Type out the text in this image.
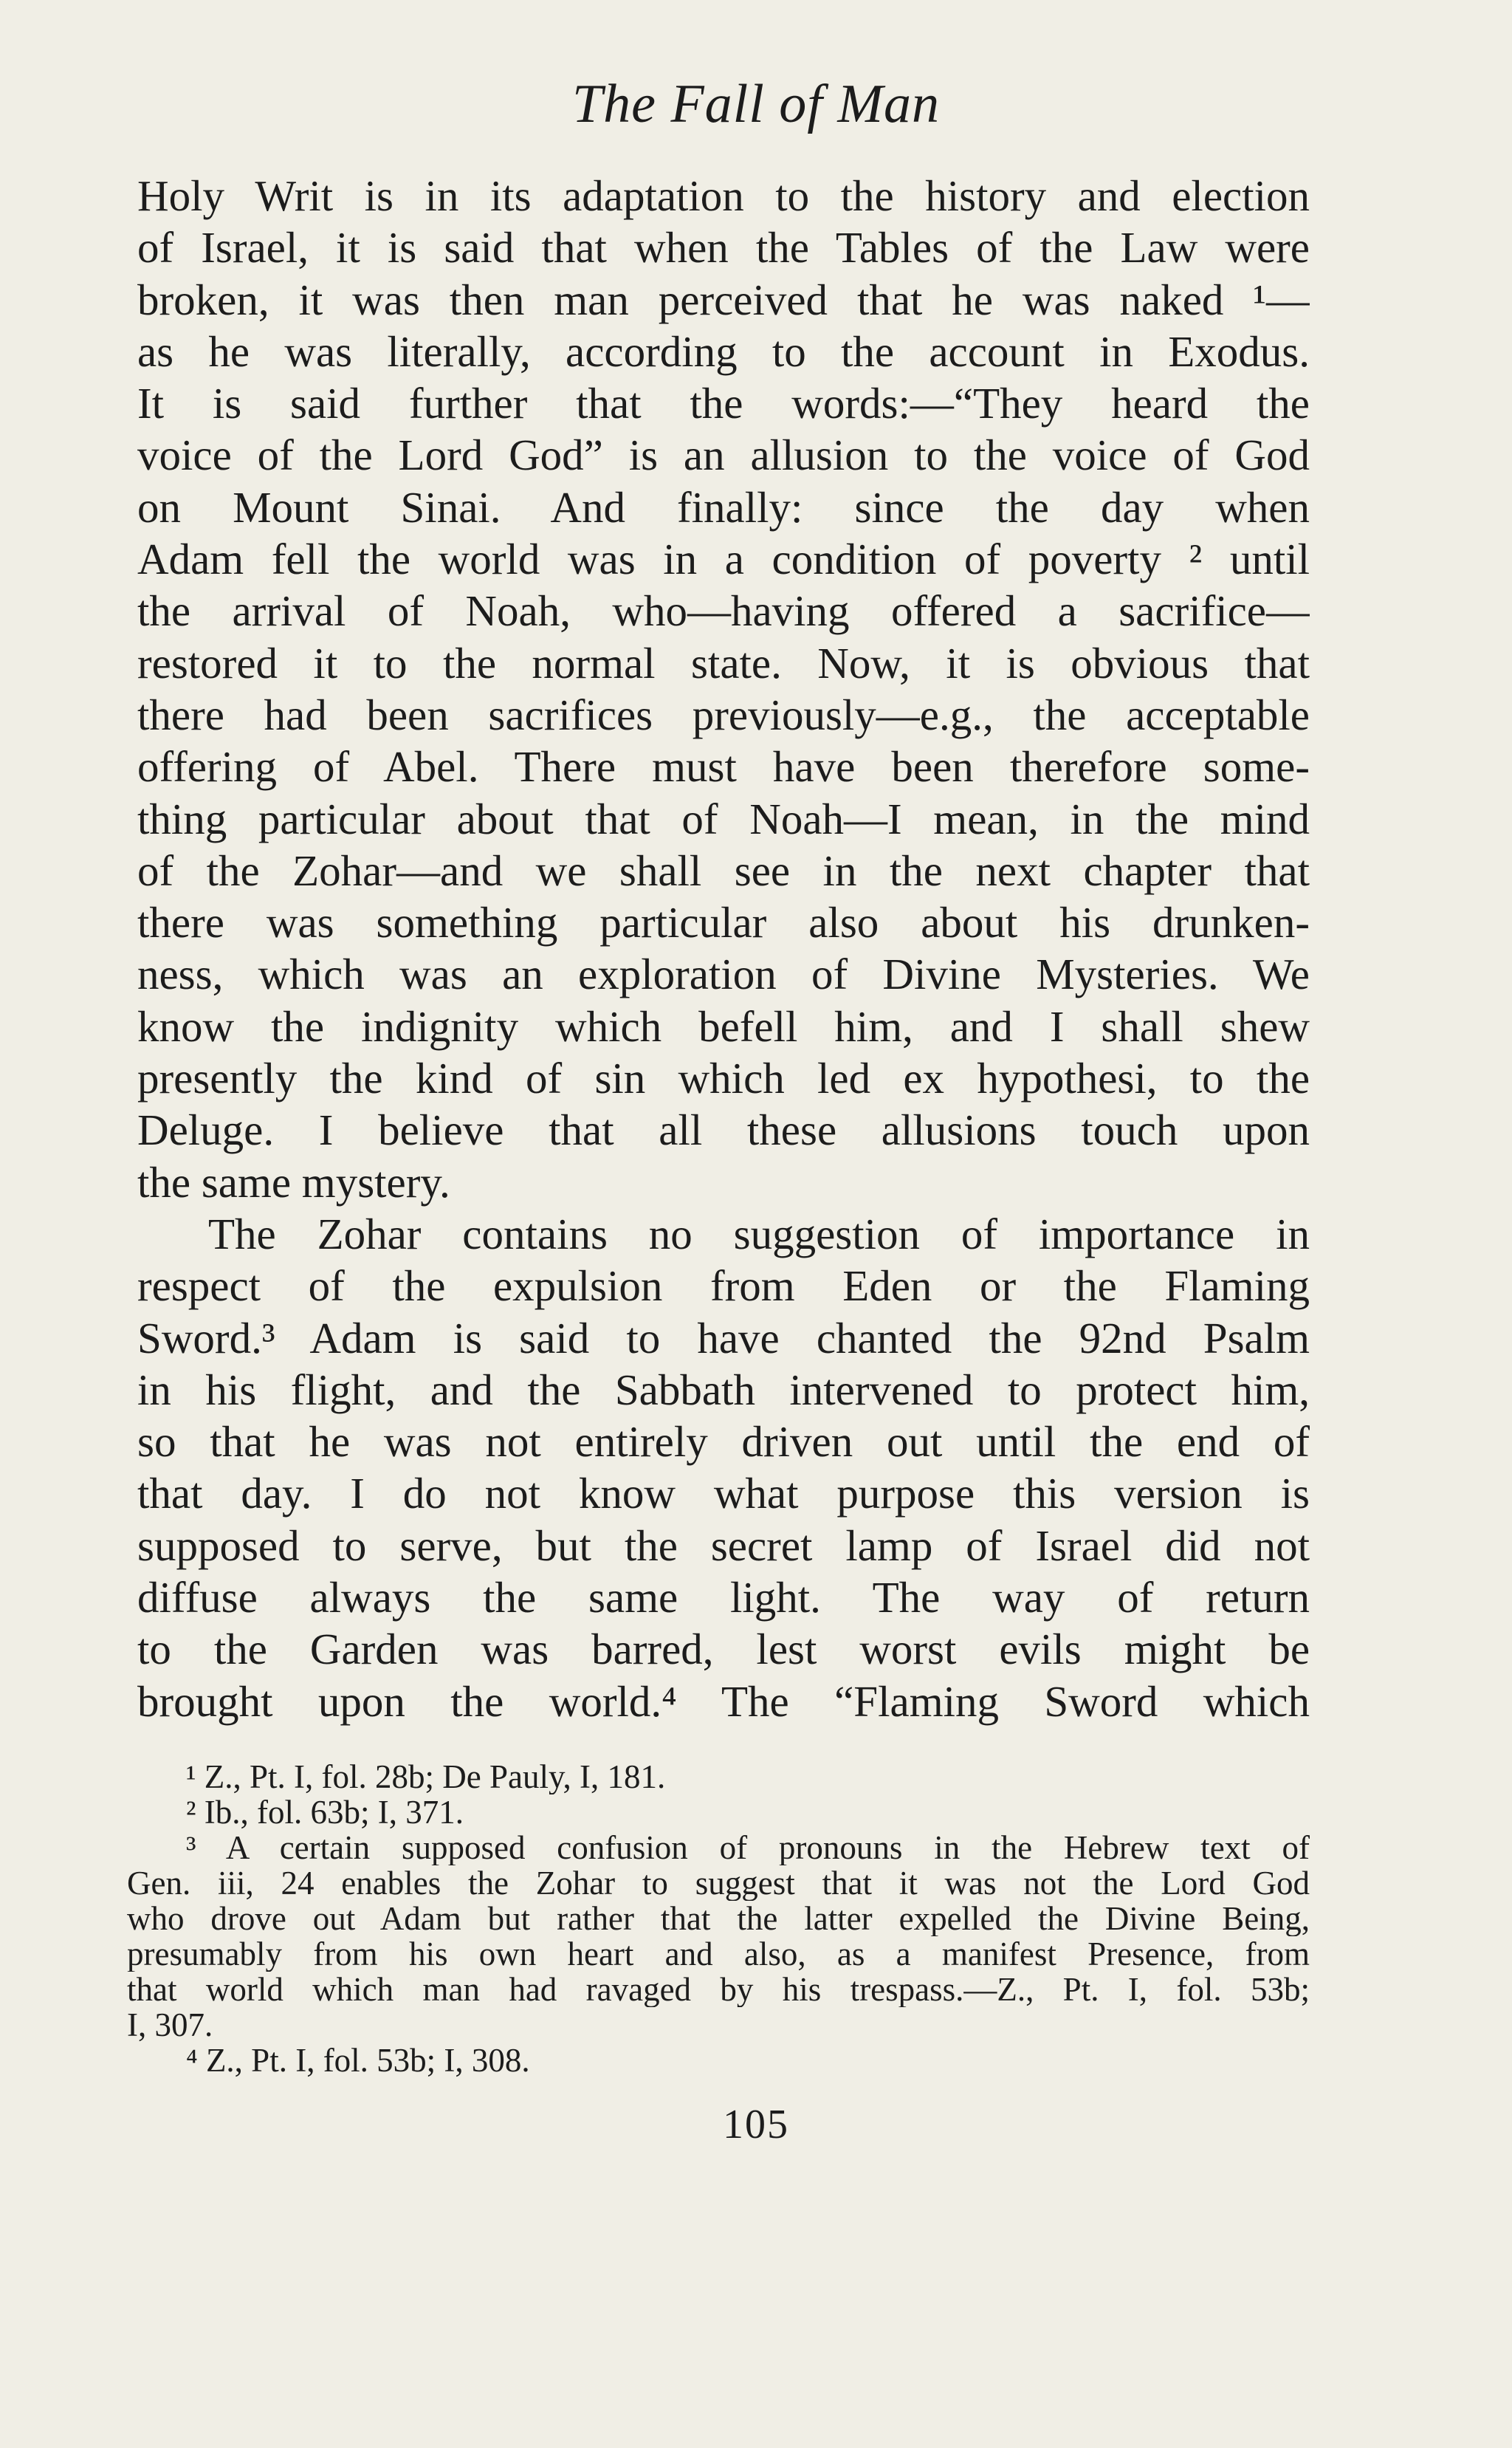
The Fall of Man
Holy Writ is in its adaptation to the history and election
of Israel, it is said that when the Tables of the Law were
broken, it was then man perceived that he was naked ¹—
as he was literally, according to the account in Exodus.
It is said further that the words:—“They heard the
voice of the Lord God” is an allusion to the voice of God
on Mount Sinai. And finally: since the day when
Adam fell the world was in a condition of poverty ² until
the arrival of Noah, who—having offered a sacrifice—
restored it to the normal state. Now, it is obvious that
there had been sacrifices previously—e.g., the acceptable
offering of Abel. There must have been therefore some-
thing particular about that of Noah—I mean, in the mind
of the Zohar—and we shall see in the next chapter that
there was something particular also about his drunken-
ness, which was an exploration of Divine Mysteries. We
know the indignity which befell him, and I shall shew
presently the kind of sin which led ex hypothesi, to the
Deluge. I believe that all these allusions touch upon
the same mystery.
The Zohar contains no suggestion of importance in
respect of the expulsion from Eden or the Flaming
Sword.³ Adam is said to have chanted the 92nd Psalm
in his flight, and the Sabbath intervened to protect him,
so that he was not entirely driven out until the end of
that day. I do not know what purpose this version is
supposed to serve, but the secret lamp of Israel did not
diffuse always the same light. The way of return
to the Garden was barred, lest worst evils might be
brought upon the world.⁴ The “Flaming Sword which
¹ Z., Pt. I, fol. 28b; De Pauly, I, 181.
² Ib., fol. 63b; I, 371.
³ A certain supposed confusion of pronouns in the Hebrew text of
Gen. iii, 24 enables the Zohar to suggest that it was not the Lord God
who drove out Adam but rather that the latter expelled the Divine Being,
presumably from his own heart and also, as a manifest Presence, from
that world which man had ravaged by his trespass.—Z., Pt. I, fol. 53b;
I, 307.
⁴ Z., Pt. I, fol. 53b; I, 308.
105
